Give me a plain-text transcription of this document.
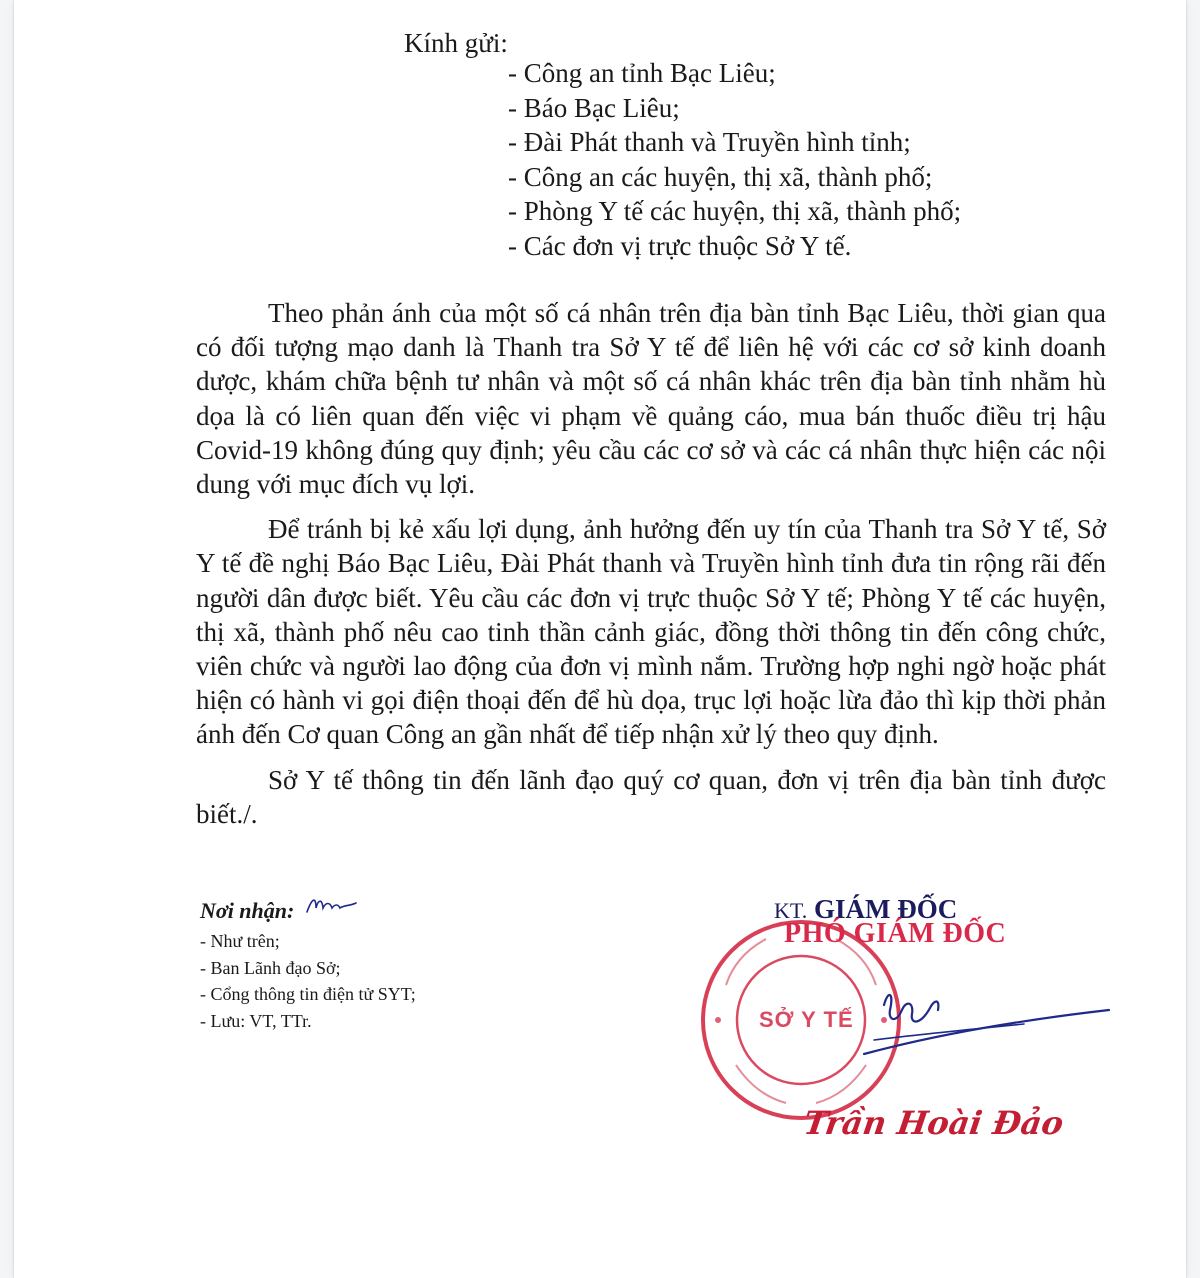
Kính gửi:
- Công an tỉnh Bạc Liêu;
- Báo Bạc Liêu;
- Đài Phát thanh và Truyền hình tỉnh;
- Công an các huyện, thị xã, thành phố;
- Phòng Y tế các huyện, thị xã, thành phố;
- Các đơn vị trực thuộc Sở Y tế.

Theo phản ánh của một số cá nhân trên địa bàn tỉnh Bạc Liêu, thời gian qua có đối tượng mạo danh là Thanh tra Sở Y tế để liên hệ với các cơ sở kinh doanh dược, khám chữa bệnh tư nhân và một số cá nhân khác trên địa bàn tỉnh nhằm hù dọa là có liên quan đến việc vi phạm về quảng cáo, mua bán thuốc điều trị hậu Covid-19 không đúng quy định; yêu cầu các cơ sở và các cá nhân thực hiện các nội dung với mục đích vụ lợi.

Để tránh bị kẻ xấu lợi dụng, ảnh hưởng đến uy tín của Thanh tra Sở Y tế, Sở Y tế đề nghị Báo Bạc Liêu, Đài Phát thanh và Truyền hình tỉnh đưa tin rộng rãi đến người dân được biết. Yêu cầu các đơn vị trực thuộc Sở Y tế; Phòng Y tế các huyện, thị xã, thành phố nêu cao tinh thần cảnh giác, đồng thời thông tin đến công chức, viên chức và người lao động của đơn vị mình nắm. Trường hợp nghi ngờ hoặc phát hiện có hành vi gọi điện thoại đến để hù dọa, trục lợi hoặc lừa đảo thì kịp thời phản ánh đến Cơ quan Công an gần nhất để tiếp nhận xử lý theo quy định.

Sở Y tế thông tin đến lãnh đạo quý cơ quan, đơn vị trên địa bàn tỉnh được biết./.

Nơi nhận:
- Như trên;
- Ban Lãnh đạo Sở;
- Cổng thông tin điện tử SYT;
- Lưu: VT, TTr.	SỞ Y TẾ
KT. GIÁM ĐỐC
PHÓ GIÁM ĐỐC
Trần Hoài Đảo
